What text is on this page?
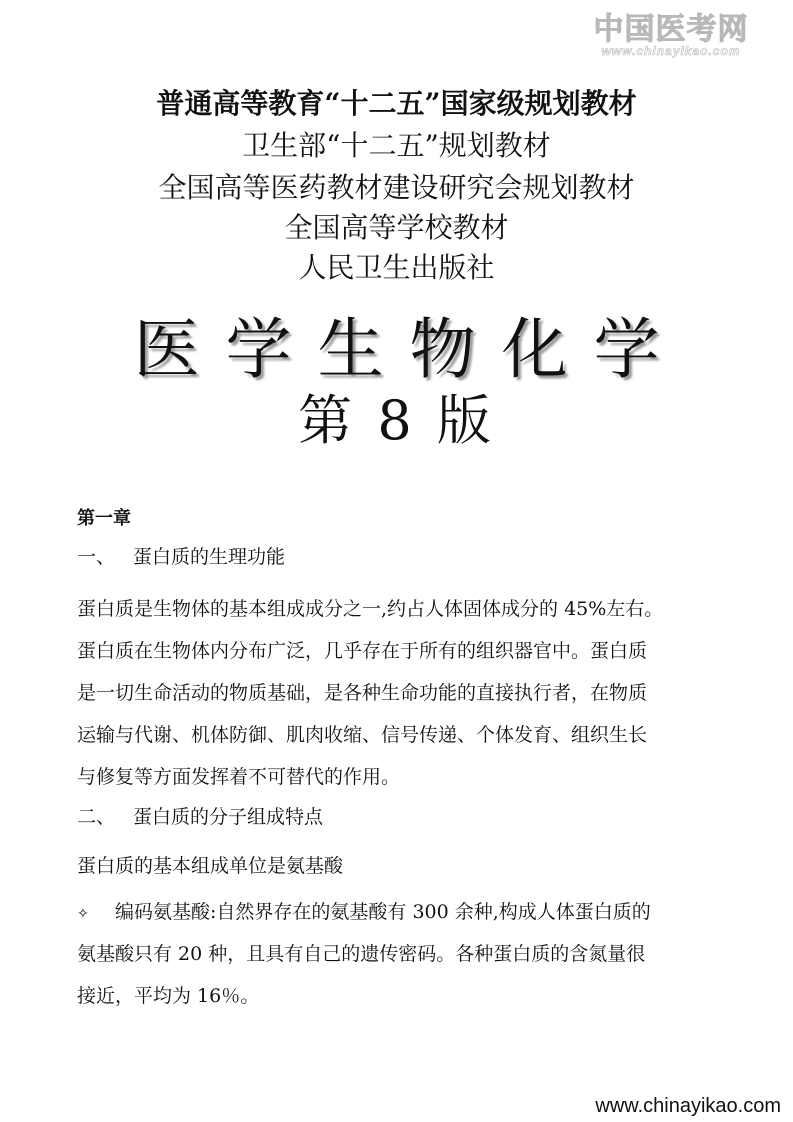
中国医考网
www.chinayikao.com
普通高等教育“十二五”国家级规划教材
卫生部“十二五”规划教材
全国高等医药教材建设研究会规划教材
全国高等学校教材
人民卫生出版社
医学生物化学
第 8 版
第一章
一、 蛋白质的生理功能
蛋白质是生物体的基本组成成分之一,约占人体固体成分的 45%左右。
蛋白质在生物体内分布广泛，几乎存在于所有的组织器官中。蛋白质
是一切生命活动的物质基础，是各种生命功能的直接执行者，在物质
运输与代谢、机体防御、肌肉收缩、信号传递、个体发育、组织生长
与修复等方面发挥着不可替代的作用。
二、 蛋白质的分子组成特点
蛋白质的基本组成单位是氨基酸
✧ 编码氨基酸:自然界存在的氨基酸有 300 余种,构成人体蛋白质的
氨基酸只有 20 种，且具有自己的遗传密码。各种蛋白质的含氮量很
接近，平均为 16％。
www.chinayikao.com
